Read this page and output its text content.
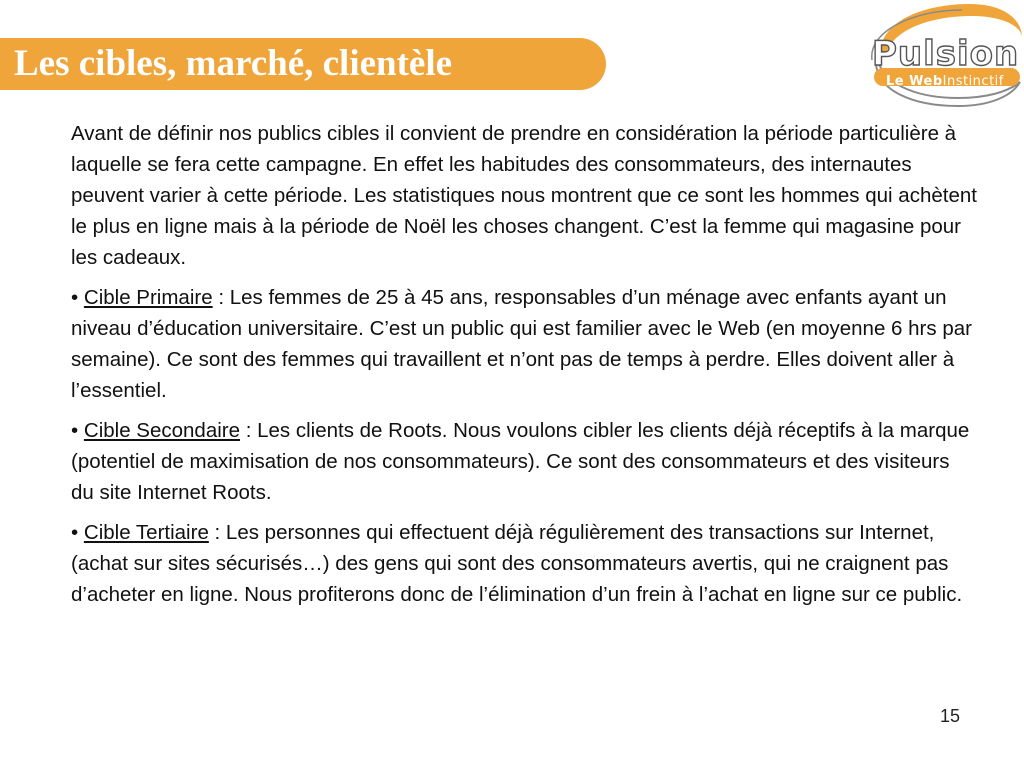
Les cibles, marché, clientèle	Pulsion
Le WebInstinctif

Avant de définir nos publics cibles il convient de prendre en considération la période particulière à laquelle se fera cette campagne. En effet les habitudes des consommateurs, des internautes peuvent varier à cette période. Les statistiques nous montrent que ce sont les hommes qui achètent le plus en ligne mais à la période de Noël les choses changent. C’est la femme qui magasine pour les cadeaux.

• Cible Primaire : Les femmes de 25 à 45 ans, responsables d’un ménage avec enfants ayant un niveau d’éducation universitaire. C’est un public qui est familier avec le Web (en moyenne 6 hrs par semaine). Ce sont des femmes qui travaillent et n’ont pas de temps à perdre. Elles doivent aller à l’essentiel.

• Cible Secondaire : Les clients de Roots. Nous voulons cibler les clients déjà réceptifs à la marque (potentiel de maximisation de nos consommateurs). Ce sont des consommateurs et des visiteurs du site Internet Roots.

• Cible Tertiaire : Les personnes qui effectuent déjà régulièrement des transactions sur Internet, (achat sur sites sécurisés…) des gens qui sont des consommateurs avertis, qui ne craignent pas d’acheter en ligne. Nous profiterons donc de l’élimination d’un frein à l’achat en ligne sur ce public.

15
